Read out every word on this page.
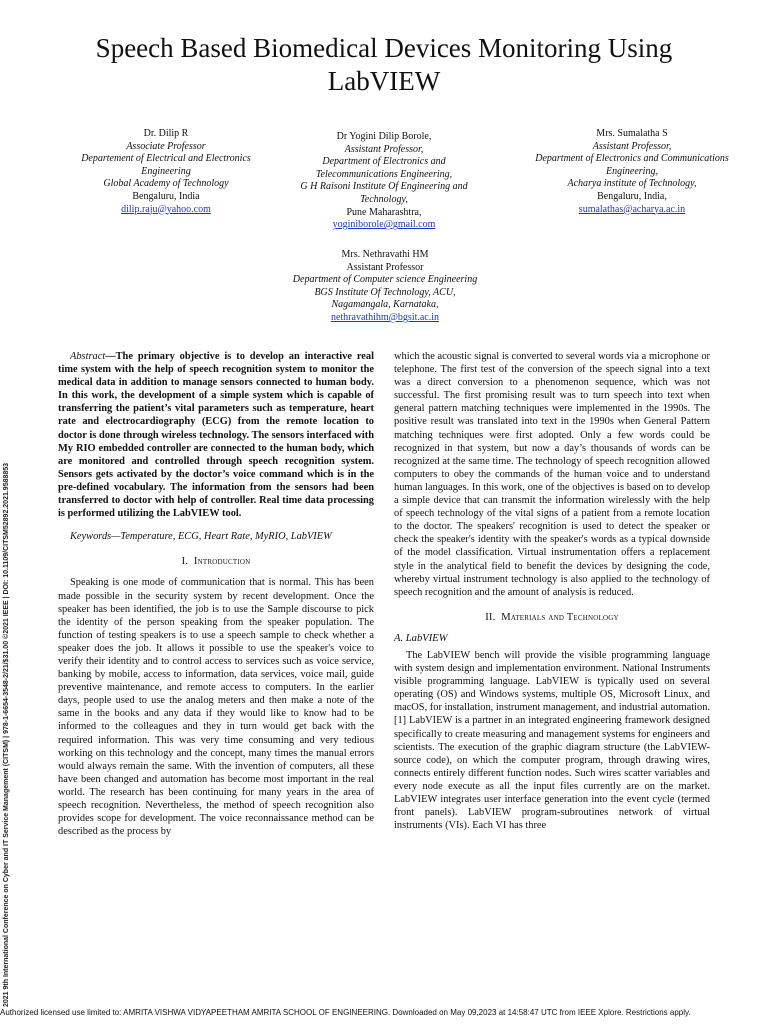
Speech Based Biomedical Devices Monitoring Using LabVIEW
Dr. Dilip R
Associate Professor
Departement of Electrical and Electronics Engineering
Global Academy of Technology
Bengaluru, India
dilip.raju@yahoo.com
Dr Yogini Dilip Borole,
Assistant Professor,
Department of Electronics and Telecommunications Engineering,
G H Raisoni Institute Of Engineering and Technology,
Pune Maharashtra,
yoginiborole@gmail.com
Mrs. Sumalatha S
Assistant Professor,
Department of Electronics and Communications Engineering,
Acharya institute of Technology,
Bengaluru, India,
sumalathas@acharya.ac.in
Mrs. Nethravathi HM
Assistant Professor
Department of Computer science Engineering
BGS Institute Of Technology, ACU,
Nagamangala, Karnataka,
nethravathihm@bgsit.ac.in
2021 9th International Conference on Cyber and IT Service Management (CITSM) | 978-1-6654-3548-2/21/$31.00 ©2021 IEEE | DOI: 10.1109/CITSM52892.2021.9588853

Abstract—The primary objective is to develop an interactive real time system with the help of speech recognition system to monitor the medical data in addition to manage sensors connected to human body. In this work, the development of a simple system which is capable of transferring the patient’s vital parameters such as temperature, heart rate and electrocardiography (ECG) from the remote location to doctor is done through wireless technology. The sensors interfaced with My RIO embedded controller are connected to the human body, which are monitored and controlled through speech recognition system. Sensors gets activated by the doctor’s voice command which is in the pre-defined vocabulary. The information from the sensors had been transferred to doctor with help of controller. Real time data processing is performed utilizing the LabVIEW tool.

Keywords—Temperature, ECG, Heart Rate, MyRIO, LabVIEW

I. Introduction

Speaking is one mode of communication that is normal. This has been made possible in the security system by recent development. Once the speaker has been identified, the job is to use the Sample discourse to pick the identity of the person speaking from the speaker population. The function of testing speakers is to use a speech sample to check whether a speaker does the job. It allows it possible to use the speaker's voice to verify their identity and to control access to services such as voice service, banking by mobile, access to information, data services, voice mail, guide preventive maintenance, and remote access to computers. In the earlier days, people used to use the analog meters and then make a note of the same in the books and any data if they would like to know had to be informed to the colleagues and they in turn would get back with the required information. This was very time consuming and very tedious working on this technology and the concept, many times the manual errors would always remain the same. With the invention of computers, all these have been changed and automation has become most important in the real world. The research has been continuing for many years in the area of speech recognition. Nevertheless, the method of speech recognition also provides scope for development. The voice reconnaissance method can be described as the process by

which the acoustic signal is converted to several words via a microphone or telephone. The first test of the conversion of the speech signal into a text was a direct conversion to a phenomenon sequence, which was not successful. The first promising result was to turn speech into text when general pattern matching techniques were implemented in the 1990s. The positive result was translated into text in the 1990s when General Pattern matching techniques were first adopted. Only a few words could be recognized in that system, but now a day’s thousands of words can be recognized at the same time. The technology of speech recognition allowed computers to obey the commands of the human voice and to understand human languages. In this work, one of the objectives is based on to develop a simple device that can transmit the information wirelessly with the help of speech technology of the vital signs of a patient from a remote location to the doctor. The speakers' recognition is used to detect the speaker or check the speaker's identity with the speaker's words as a typical downside of the model classification. Virtual instrumentation offers a replacement style in the analytical field to benefit the devices by designing the code, whereby virtual instrument technology is also applied to the technology of speech recognition and the amount of analysis is reduced.

II. Materials and Technology
A. LabVIEW

The LabVIEW bench will provide the visible programming language with system design and implementation environment. National Instruments visible programming language. LabVIEW is typically used on several operating (OS) and Windows systems, multiple OS, Microsoft Linux, and macOS, for installation, instrument management, and industrial automation.[1] LabVIEW is a partner in an integrated engineering framework designed specifically to create measuring and management systems for engineers and scientists. The execution of the graphic diagram structure (the LabVIEW-source code), on which the computer program, through drawing wires, connects entirely different function nodes. Such wires scatter variables and every node execute as all the input files currently are on the market. LabVIEW integrates user interface generation into the event cycle (termed front panels). LabVIEW program-subroutines network of virtual instruments (VIs). Each VI has three

Authorized licensed use limited to: AMRITA VISHWA VIDYAPEETHAM AMRITA SCHOOL OF ENGINEERING. Downloaded on May 09,2023 at 14:58:47 UTC from IEEE Xplore. Restrictions apply.
